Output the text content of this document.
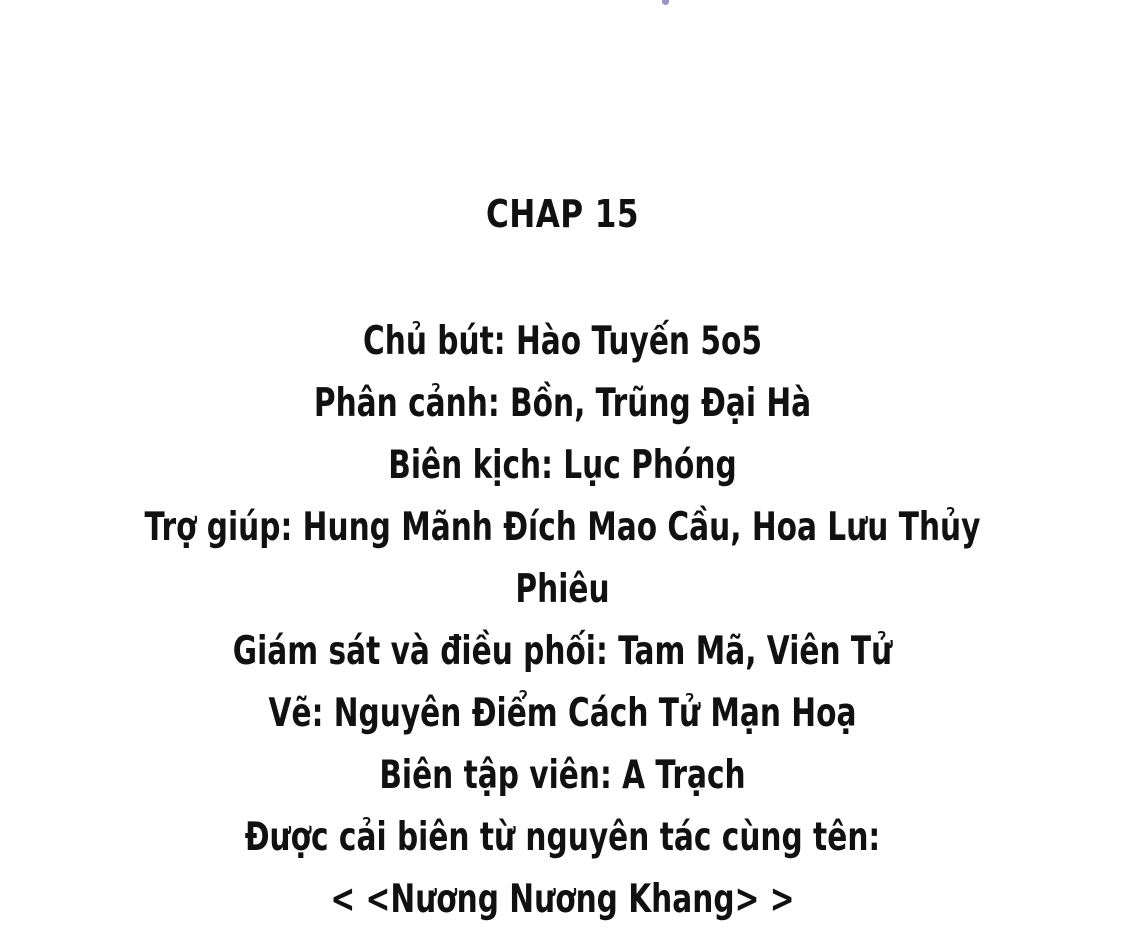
CHAP 15
Chủ bút: Hào Tuyến 5o5
Phân cảnh: Bồn, Trũng Đại Hà
Biên kịch: Lục Phóng
Trợ giúp: Hung Mãnh Đích Mao Cầu, Hoa Lưu Thủy
Phiêu
Giám sát và điều phối: Tam Mã, Viên Tử
Vẽ: Nguyên Điểm Cách Tử Mạn Hoạ
Biên tập viên: A Trạch
Được cải biên từ nguyên tác cùng tên:
< <Nương Nương Khang> >
